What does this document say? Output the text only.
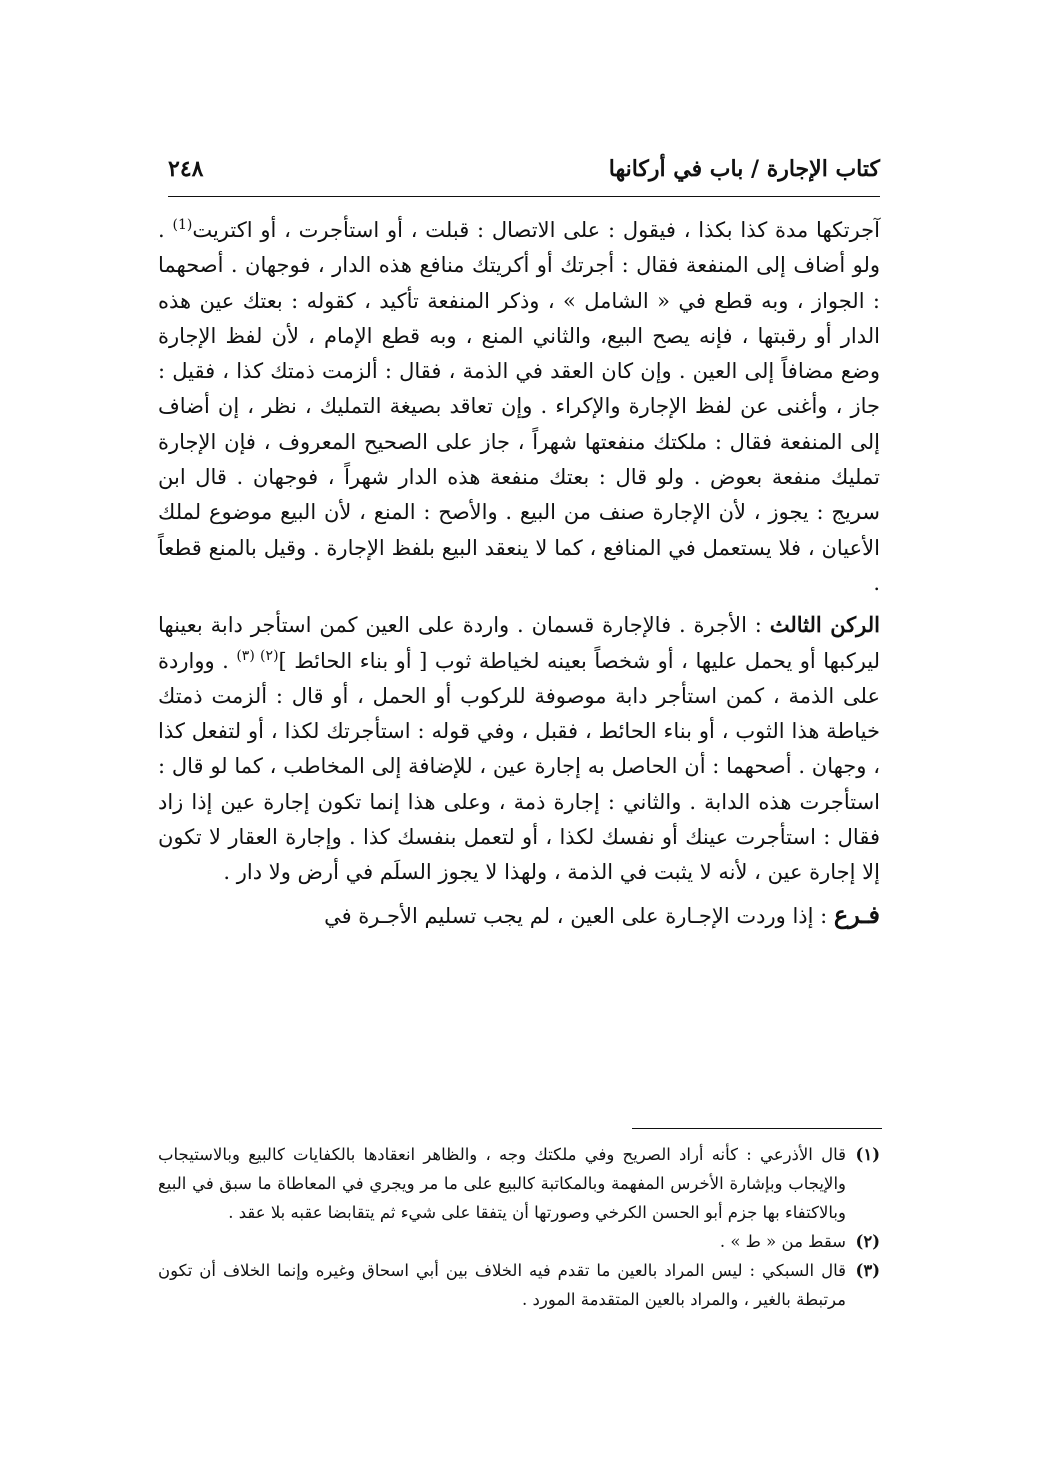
كتاب الإجارة / باب في أركانها
٢٤٨

آجرتكها مدة كذا بكذا ، فيقول : على الاتصال : قبلت ، أو استأجرت ، أو اكتريت$^{(1)}$ . ولو أضاف إلى المنفعة فقال : أجرتك أو أكريتك منافع هذه الدار ، فوجهان . أصحهما : الجواز ، وبه قطع في « الشامل » ، وذكر المنفعة تأكيد ، كقوله : بعتك عين هذه الدار أو رقبتها ، فإنه يصح البيع، والثاني المنع ، وبه قطع الإمام ، لأن لفظ الإجارة وضع مضافاً إلى العين . وإن كان العقد في الذمة ، فقال : ألزمت ذمتك كذا ، فقيل : جاز ، وأغنى عن لفظ الإجارة والإكراء . وإن تعاقد بصيغة التمليك ، نظر ، إن أضاف إلى المنفعة فقال : ملكتك منفعتها شهراً ، جاز على الصحيح المعروف ، فإن الإجارة تمليك منفعة بعوض . ولو قال : بعتك منفعة هذه الدار شهراً ، فوجهان . قال ابن سريج : يجوز ، لأن الإجارة صنف من البيع . والأصح : المنع ، لأن البيع موضوع لملك الأعيان ، فلا يستعمل في المنافع ، كما لا ينعقد البيع بلفظ الإجارة . وقيل بالمنع قطعاً .

الركن الثالث : الأجرة . فالإجارة قسمان . واردة على العين كمن استأجر دابة بعينها ليركبها أو يحمل عليها ، أو شخصاً بعينه لخياطة ثوب [ أو بناء الحائط ]$^{(٢) (٣)}$ . وواردة على الذمة ، كمن استأجر دابة موصوفة للركوب أو الحمل ، أو قال : ألزمت ذمتك خياطة هذا الثوب ، أو بناء الحائط ، فقبل ، وفي قوله : استأجرتك لكذا ، أو لتفعل كذا ، وجهان . أصحهما : أن الحاصل به إجارة عين ، للإضافة إلى المخاطب ، كما لو قال : استأجرت هذه الدابة . والثاني : إجارة ذمة ، وعلى هذا إنما تكون إجارة عين إذا زاد فقال : استأجرت عينك أو نفسك لكذا ، أو لتعمل بنفسك كذا . وإجارة العقار لا تكون إلا إجارة عين ، لأنه لا يثبت في الذمة ، ولهذا لا يجوز السلَم في أرض ولا دار .

فـرع : إذا وردت الإجـارة على العين ، لم يجب تسليم الأجـرة في

(١)
قال الأذرعي : كأنه أراد الصريح وفي ملكتك وجه ، والظاهر انعقادها بالكفايات كالبيع وبالاستيجاب والإيجاب وبإشارة الأخرس المفهمة وبالمكاتبة كالبيع على ما مر ويجري في المعاطاة ما سبق في البيع وبالاكتفاء بها جزم أبو الحسن الكرخي وصورتها أن يتفقا على شيء ثم يتقابضا عقبه بلا عقد .

(٢)
سقط من « ط » .

(٣)
قال السبكي : ليس المراد بالعين ما تقدم فيه الخلاف بين أبي اسحاق وغيره وإنما الخلاف أن تكون مرتبطة بالغير ، والمراد بالعين المتقدمة المورد .
